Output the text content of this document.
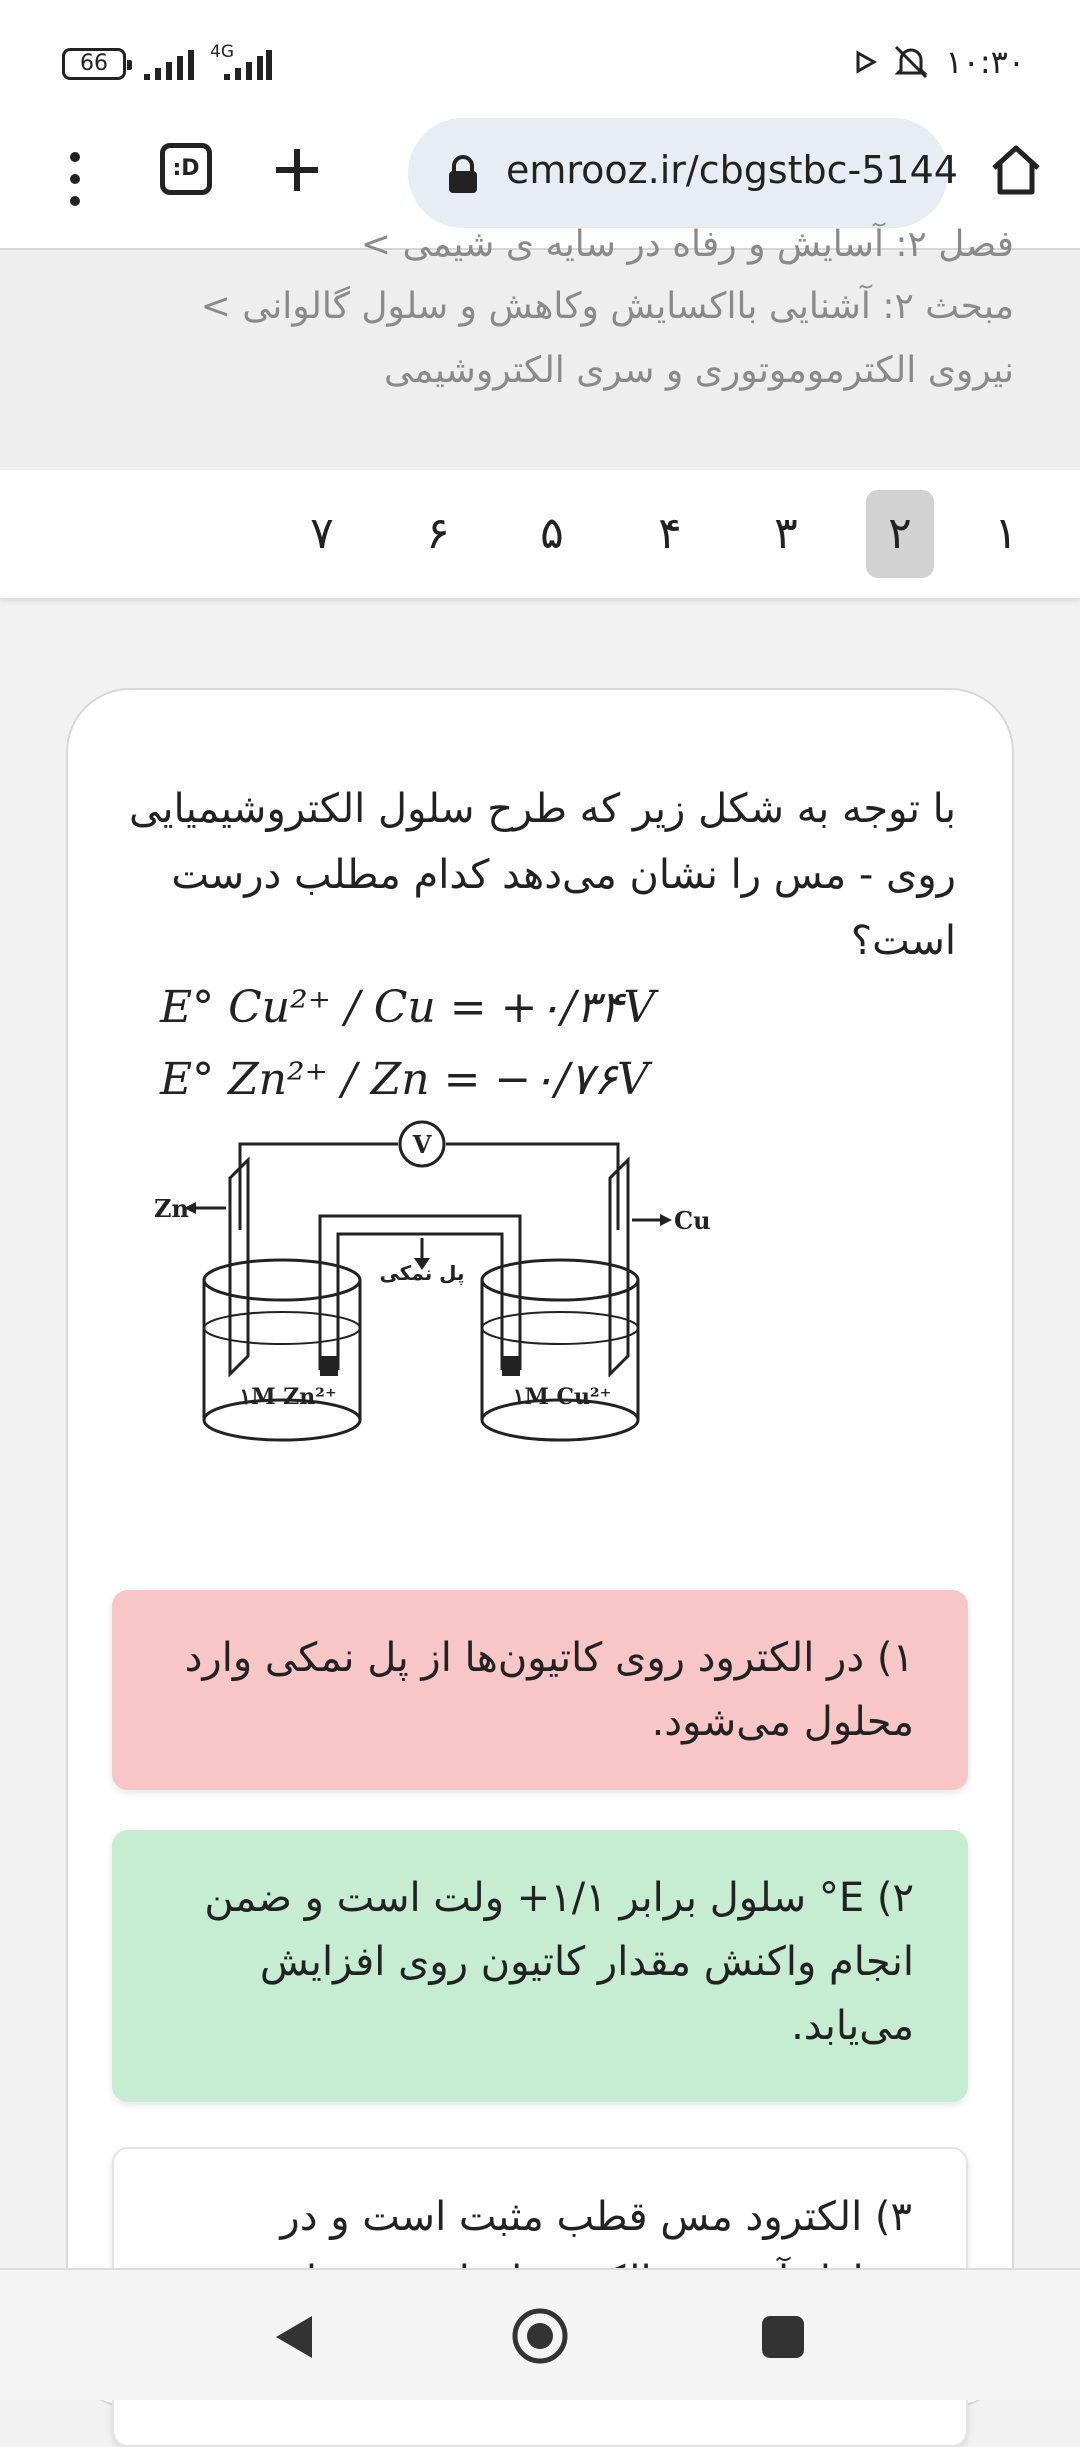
66	4G	۱۰:۳۰
:D	emrooz.ir/cbgstbc-5144
فصل ۲: آسایش و رفاه در سایه ی شیمی >
مبحث ۲: آشنایی بااکسایش وکاهش و سلول گالوانی >
نیروی الکترموموتوری و سری الکتروشیمی
۱
۲
۳
۴
۵
۶
۷
با توجه به شکل زیر که طرح سلول الکتروشیمیایی روی - مس را نشان می‌دهد کدام مطلب درست است؟
E° Cu²⁺ / Cu = +۰/۳۴V
E° Zn²⁺ / Zn = −۰/۷۶V
V
Zn	Cu
پل نمکی
۱M Zn²⁺	۱M Cu²⁺
۱) در الکترود روی کاتیون‌ها از پل نمکی وارد محلول می‌شود.
۲) E° سلول برابر ۱/۱+ ولت است و ضمن انجام واکنش مقدار کاتیون روی افزایش می‌یابد.
۳) الکترود مس قطب مثبت است و در
